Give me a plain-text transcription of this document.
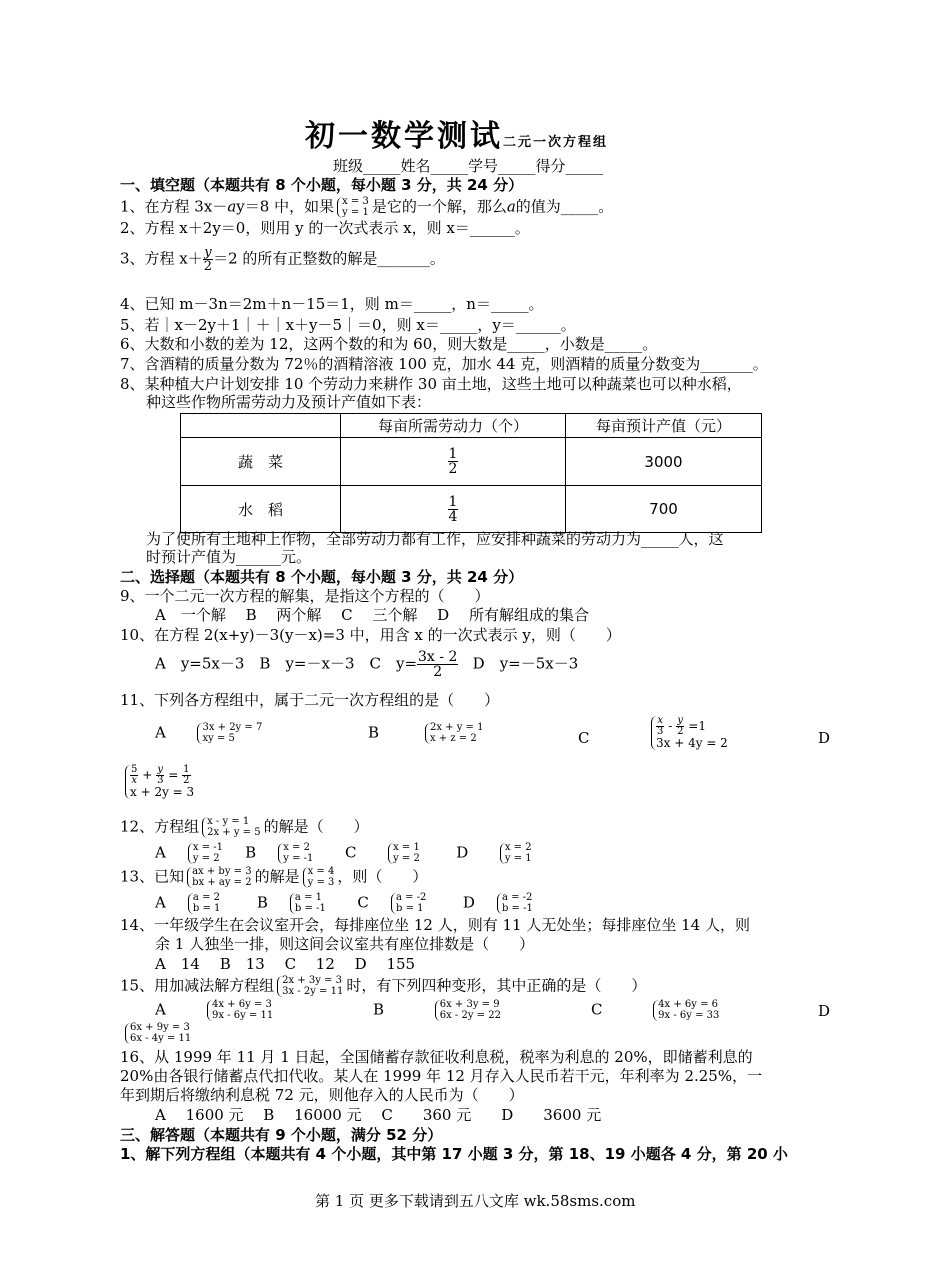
初一数学测试二元一次方程组
班级_____姓名_____学号_____得分_____
一、填空题（本题共有 8 个小题，每小题 3 分，共 24 分）
1、在方程 3x－ay＝8 中，如果 x = 3
y = 1 是它的一个解，那么a的值为_____。
2、方程 x＋2y＝0，则用 y 的一次式表示 x，则 x＝______。
3、方程 $x+ \frac{y}{2} =2$ 的所有正整数的解是_______。
4、已知 m－3n＝2m＋n－15＝1，则 m＝_____，n＝_____。
5、若｜x－2y＋1｜＋｜x＋y－5｜＝0，则 x＝_____，y＝______。
6、大数和小数的差为 12，这两个数的和为 60，则大数是_____，小数是_____。
7、含酒精的质量分数为 72％的酒精溶液 100 克，加水 44 克，则酒精的质量分数变为_______。
8、某种植大户计划安排 10 个劳动力来耕作 30 亩土地，这些土地可以种蔬菜也可以种水稻，
种这些作物所需劳动力及预计产值如下表：
	每亩所需劳动力（个）	每亩预计产值（元）
蔬　菜	$\frac{1}{2}$	3000
水　稻	$\frac{1}{4}$	700
为了使所有土地种上作物，全部劳动力都有工作，应安排种蔬菜的劳动力为_____人，这
时预计产值为______元。
二、选择题（本题共有 8 个小题，每小题 3 分，共 24 分）
9、一个二元一次方程的解集，是指这个方程的（　　）
A　一个解　 B　 两个解　 C　 三个解　 D　 所有解组成的集合
10、在方程 2(x+y)－3(y－x)=3 中，用含 x 的一次式表示 y，则（　　）
A　y=5x－3　B　y=－x－3　C　$y= \frac{3x - 2}{2}$ D　y=－5x－3
11、下列各方程组中，属于二元一次方程组的是（　　）
A	3x + 2y = 7
xy = 5	B	2x + y = 1
x + z = 2	C
$\frac{x}{3} - \frac{y}{2} =1$
3x + 4y = 2	D
$\frac{5}{x} + \frac{y}{3} = \frac{1}{2}$

x + 2y = 3
12、方程组 x - y = 1
2x + y = 5 的解是（　　）
A	x = -1
y = 2 B	x = 2
y = -1 C	x = 1
y = 2 D	x = 2
y = 1
13、已知 ax + by = 3
bx + ay = 2 的解是 x = 4
y = 3 ，则（　　）
A	a = 2
b = 1 B	a = 1
b = -1 C	a = -2
b = 1	D	a = -2
b = -1
14、一年级学生在会议室开会，每排座位坐 12 人，则有 11 人无处坐；每排座位坐 14 人，则
余 1 人独坐一排，则这间会议室共有座位排数是（　　）
A　14　 B　13　 C　 12　 D　 155
15、用加减法解方程组 2x + 3y = 3
3x - 2y = 11 时，有下列四种变形，其中正确的是（　　）
A	4x + 6y = 3
9x - 6y = 11	B	6x + 3y = 9
6x - 2y = 22	C	4x + 6y = 6
9x - 6y = 33	D
6x + 9y = 3
6x - 4y = 11
16、从 1999 年 11 月 1 日起，全国储蓄存款征收利息税，税率为利息的 20%，即储蓄利息的
20%由各银行储蓄点代扣代收。某人在 1999 年 12 月存入人民币若干元，年利率为 2.25%，一
年到期后将缴纳利息税 72 元，则他存入的人民币为（　　）
A　 1600 元　 B　 16000 元　 C　　360 元　　D　　3600 元
三、解答题（本题共有 9 个小题，满分 52 分）
1、解下列方程组（本题共有 4 个小题，其中第 17 小题 3 分，第 18、19 小题各 4 分，第 20 小
第 1 页 更多下载请到五八文库 wk.58sms.com
